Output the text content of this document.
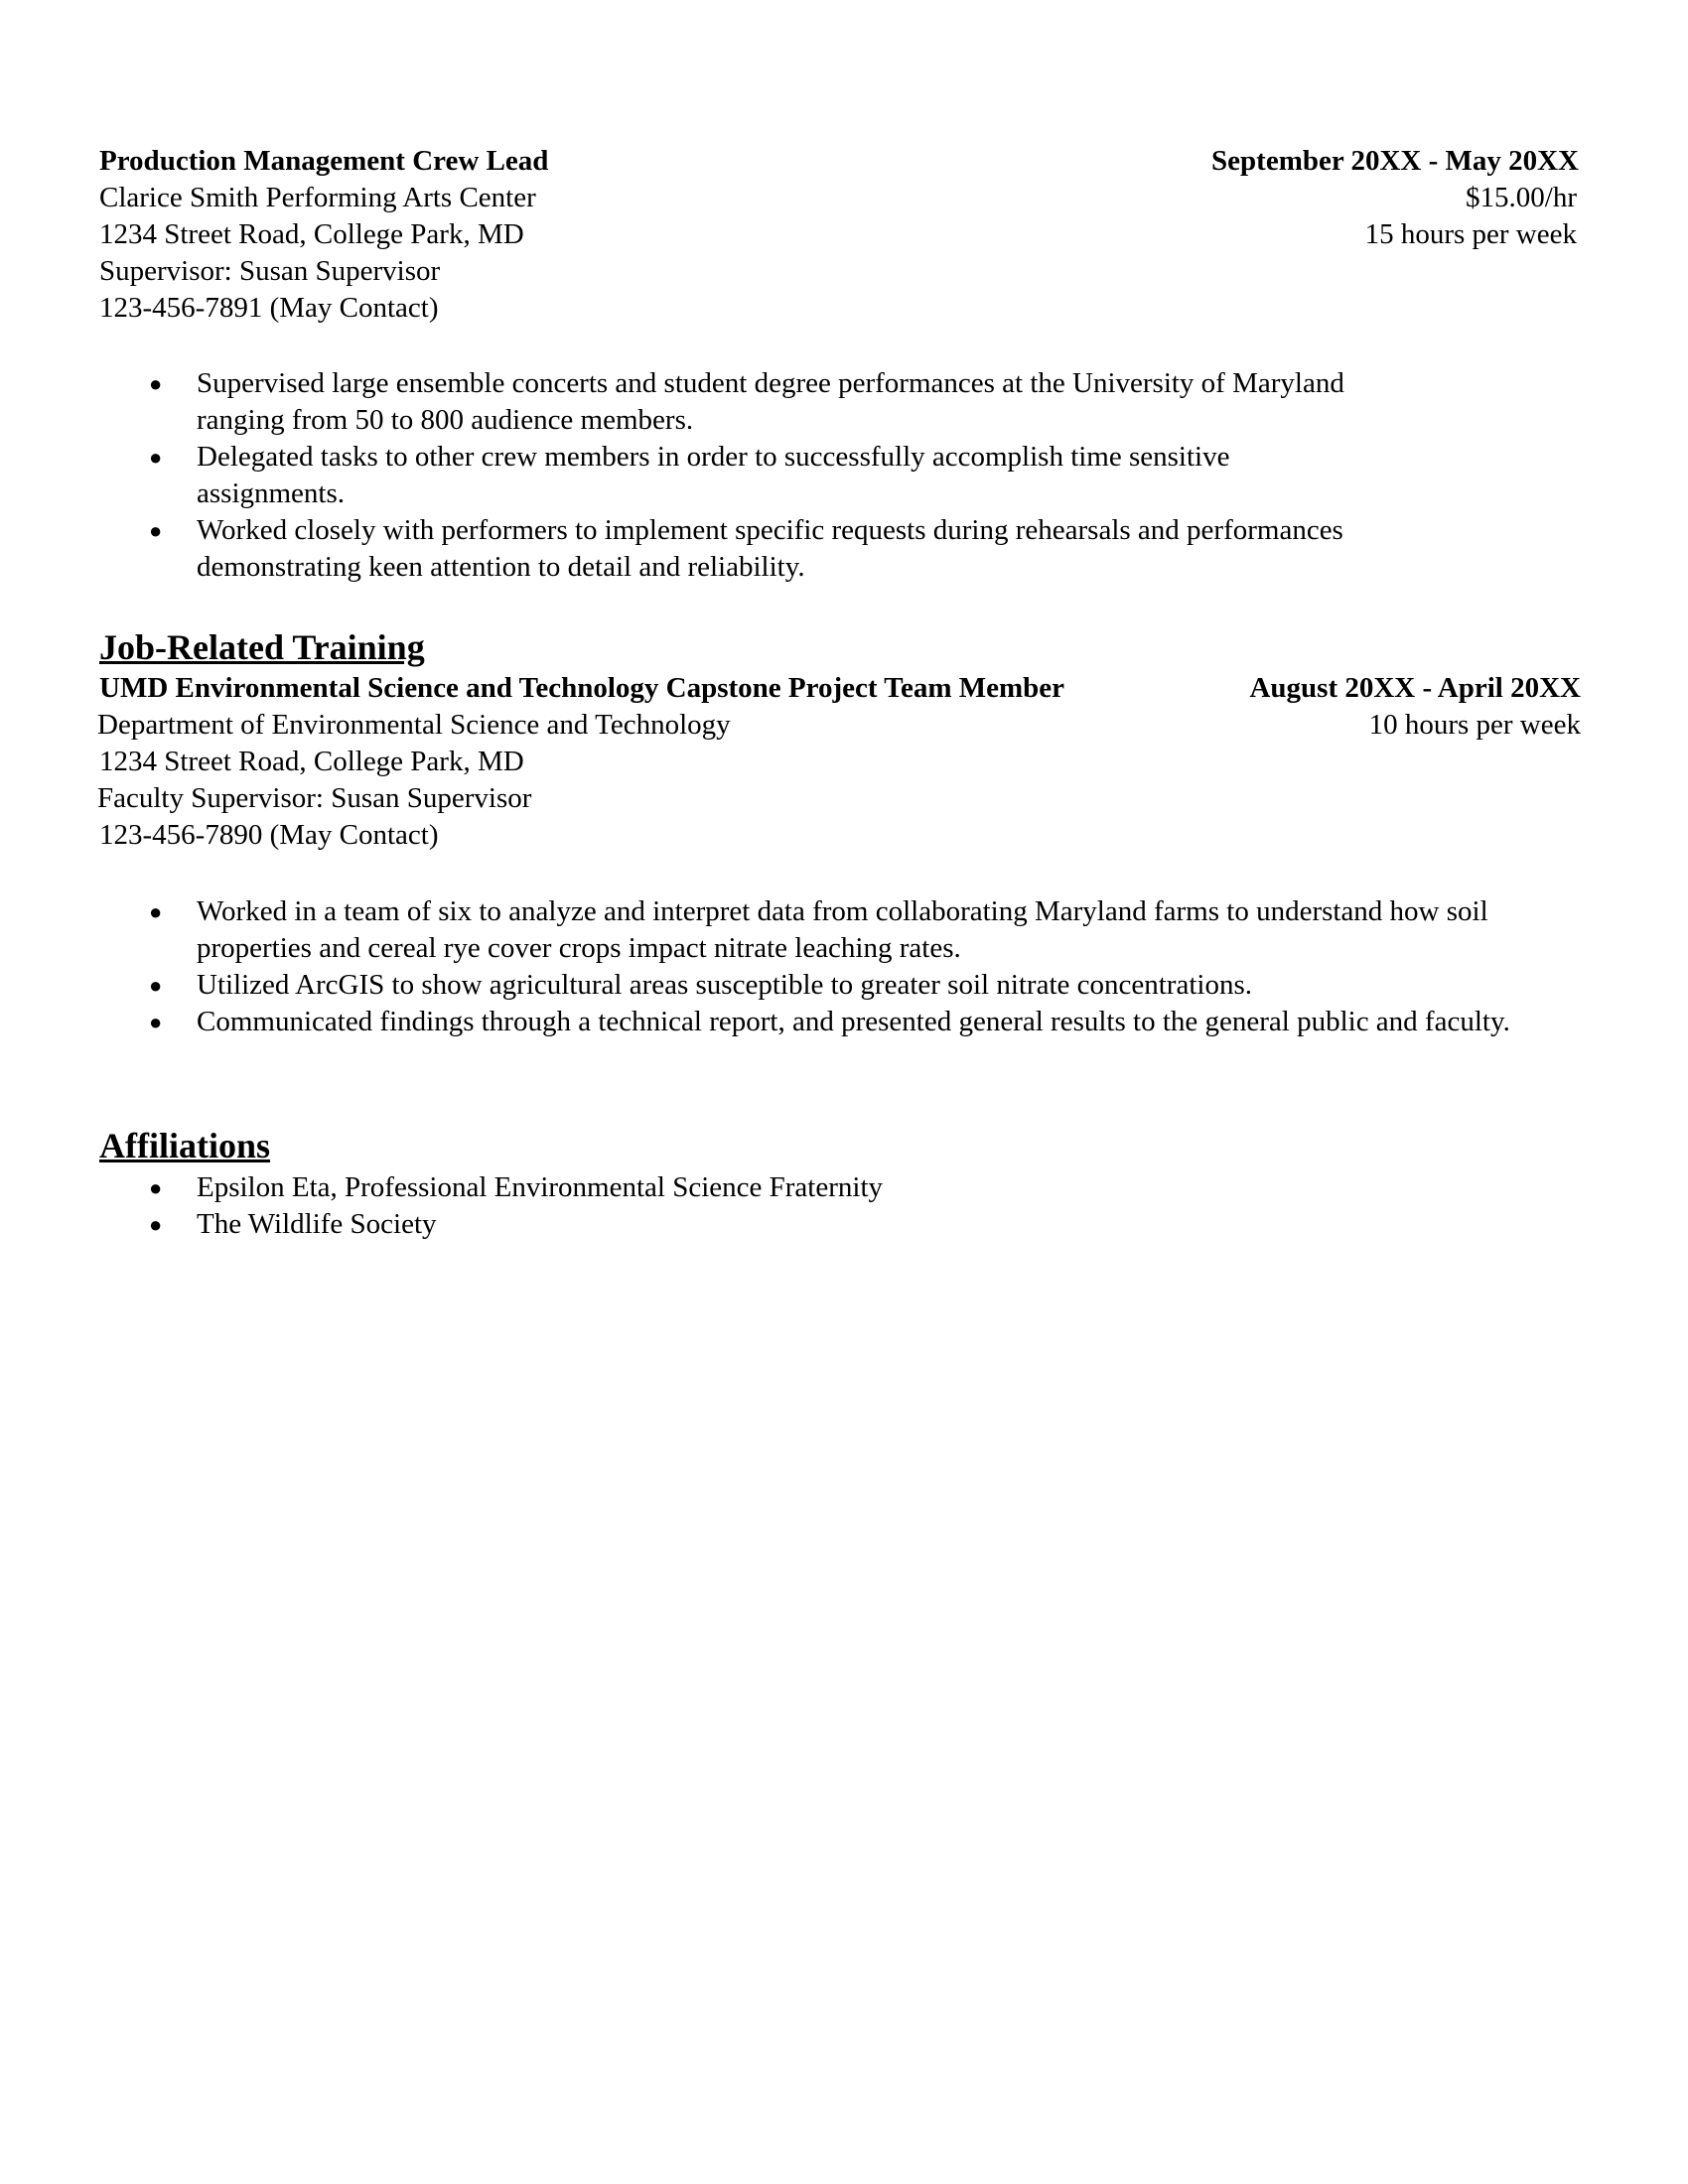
Production Management Crew Lead	September 20XX - May 20XX
Clarice Smith Performing Arts Center	$15.00/hr
1234 Street Road, College Park, MD	15 hours per week
Supervisor: Susan Supervisor
123-456-7891 (May Contact)
● Supervised large ensemble concerts and student degree performances at the University of Maryland
ranging from 50 to 800 audience members.
● Delegated tasks to other crew members in order to successfully accomplish time sensitive
assignments.
● Worked closely with performers to implement specific requests during rehearsals and performances
demonstrating keen attention to detail and reliability.
Job-Related Training
UMD Environmental Science and Technology Capstone Project Team Member	August 20XX - April 20XX
Department of Environmental Science and Technology	10 hours per week
1234 Street Road, College Park, MD
Faculty Supervisor: Susan Supervisor
123-456-7890 (May Contact)
● Worked in a team of six to analyze and interpret data from collaborating Maryland farms to understand how soil
properties and cereal rye cover crops impact nitrate leaching rates.
● Utilized ArcGIS to show agricultural areas susceptible to greater soil nitrate concentrations.
● Communicated findings through a technical report, and presented general results to the general public and faculty.
Affiliations
● Epsilon Eta, Professional Environmental Science Fraternity
● The Wildlife Society
